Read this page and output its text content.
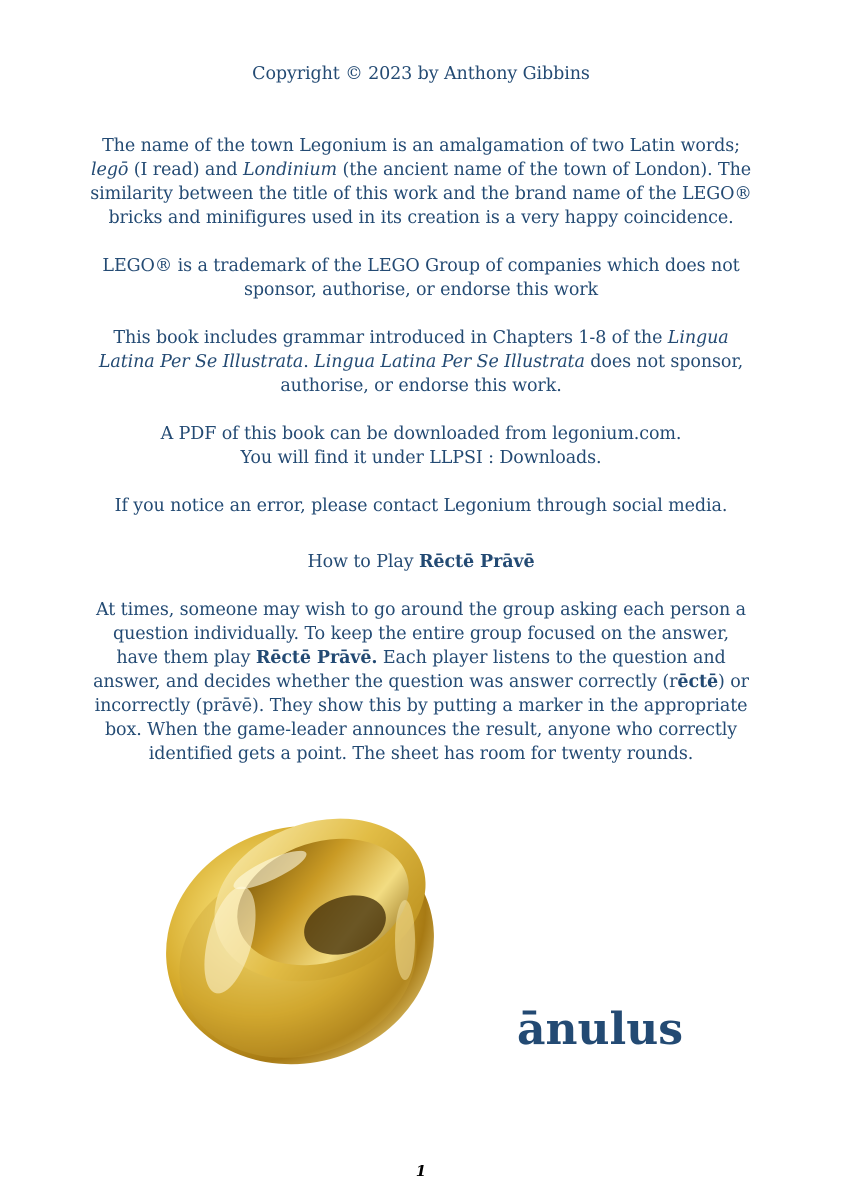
Copyright © 2023 by Anthony Gibbins
The name of the town Legonium is an amalgamation of two Latin words;
legō (I read) and Londinium (the ancient name of the town of London). The
similarity between the title of this work and the brand name of the LEGO®
bricks and minifigures used in its creation is a very happy coincidence.
LEGO® is a trademark of the LEGO Group of companies which does not
sponsor, authorise, or endorse this work
This book includes grammar introduced in Chapters 1-8 of the Lingua
Latina Per Se Illustrata. Lingua Latina Per Se Illustrata does not sponsor,
authorise, or endorse this work.
A PDF of this book can be downloaded from legonium.com.
You will find it under LLPSI : Downloads.
If you notice an error, please contact Legonium through social media.
How to Play Rēctē Prāvē
At times, someone may wish to go around the group asking each person a
question individually. To keep the entire group focused on the answer,
have them play Rēctē Prāvē. Each player listens to the question and
answer, and decides whether the question was answer correctly (rēctē) or
incorrectly (prāvē). They show this by putting a marker in the appropriate
box. When the game-leader announces the result, anyone who correctly
identified gets a point. The sheet has room for twenty rounds.
ānulus
1
